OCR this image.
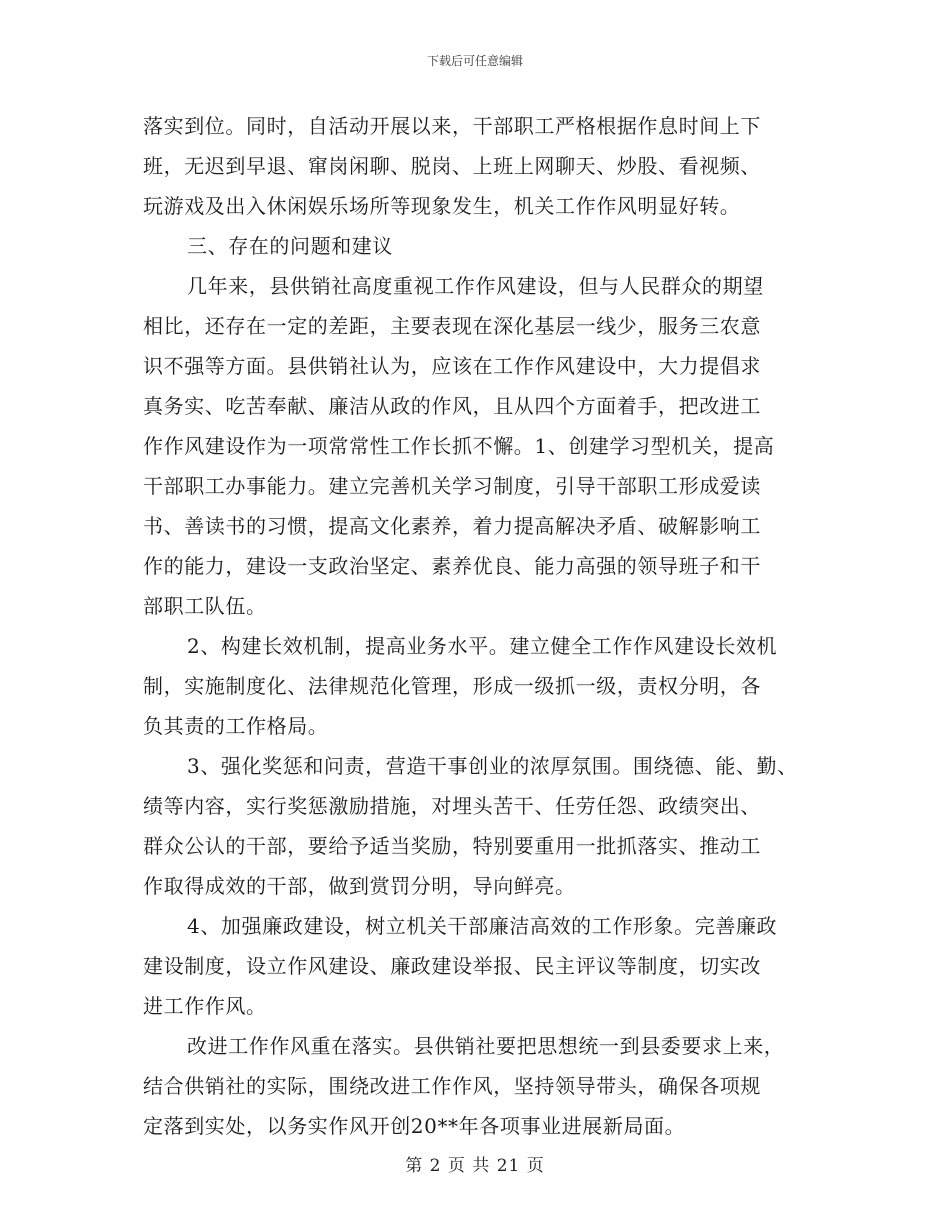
下载后可任意编辑
落实到位。同时，自活动开展以来，干部职工严格根据作息时间上下
班，无迟到早退、窜岗闲聊、脱岗、上班上网聊天、炒股、看视频、
玩游戏及出入休闲娱乐场所等现象发生，机关工作作风明显好转。
三、存在的问题和建议
几年来，县供销社高度重视工作作风建设，但与人民群众的期望
相比，还存在一定的差距，主要表现在深化基层一线少，服务三农意
识不强等方面。县供销社认为，应该在工作作风建设中，大力提倡求
真务实、吃苦奉献、廉洁从政的作风，且从四个方面着手，把改进工
作作风建设作为一项常常性工作长抓不懈。1、创建学习型机关，提高
干部职工办事能力。建立完善机关学习制度，引导干部职工形成爱读
书、善读书的习惯，提高文化素养，着力提高解决矛盾、破解影响工
作的能力，建设一支政治坚定、素养优良、能力高强的领导班子和干
部职工队伍。
2、构建长效机制，提高业务水平。建立健全工作作风建设长效机
制，实施制度化、法律规范化管理，形成一级抓一级，责权分明，各
负其责的工作格局。
3、强化奖惩和问责，营造干事创业的浓厚氛围。围绕德、能、勤、
绩等内容，实行奖惩激励措施，对埋头苦干、任劳任怨、政绩突出、
群众公认的干部，要给予适当奖励，特别要重用一批抓落实、推动工
作取得成效的干部，做到赏罚分明，导向鲜亮。
4、加强廉政建设，树立机关干部廉洁高效的工作形象。完善廉政
建设制度，设立作风建设、廉政建设举报、民主评议等制度，切实改
进工作作风。
改进工作作风重在落实。县供销社要把思想统一到县委要求上来，
结合供销社的实际，围绕改进工作作风，坚持领导带头，确保各项规
定落到实处，以务实作风开创20**年各项事业进展新局面。
第 2 页 共 21 页
